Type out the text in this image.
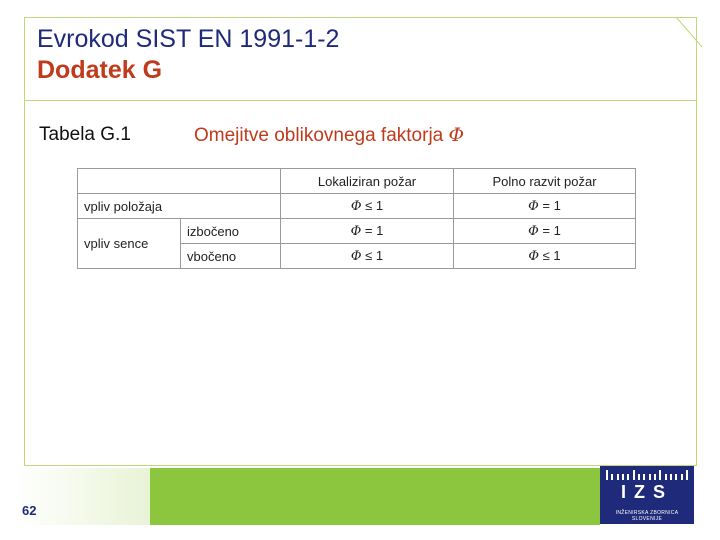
Evrokod SIST EN 1991-1-2
Dodatek G
Tabela G.1	Omejitve oblikovnega faktorja Φ
		Lokaliziran požar	Polno razvit požar
vpliv položaja		Φ ≤ 1	Φ = 1
vpliv sence	izbočeno	Φ = 1	Φ = 1
	vbočeno	Φ ≤ 1	Φ ≤ 1
62
IZS
INŽENIRSKA ZBORNICA SLOVENIJE
